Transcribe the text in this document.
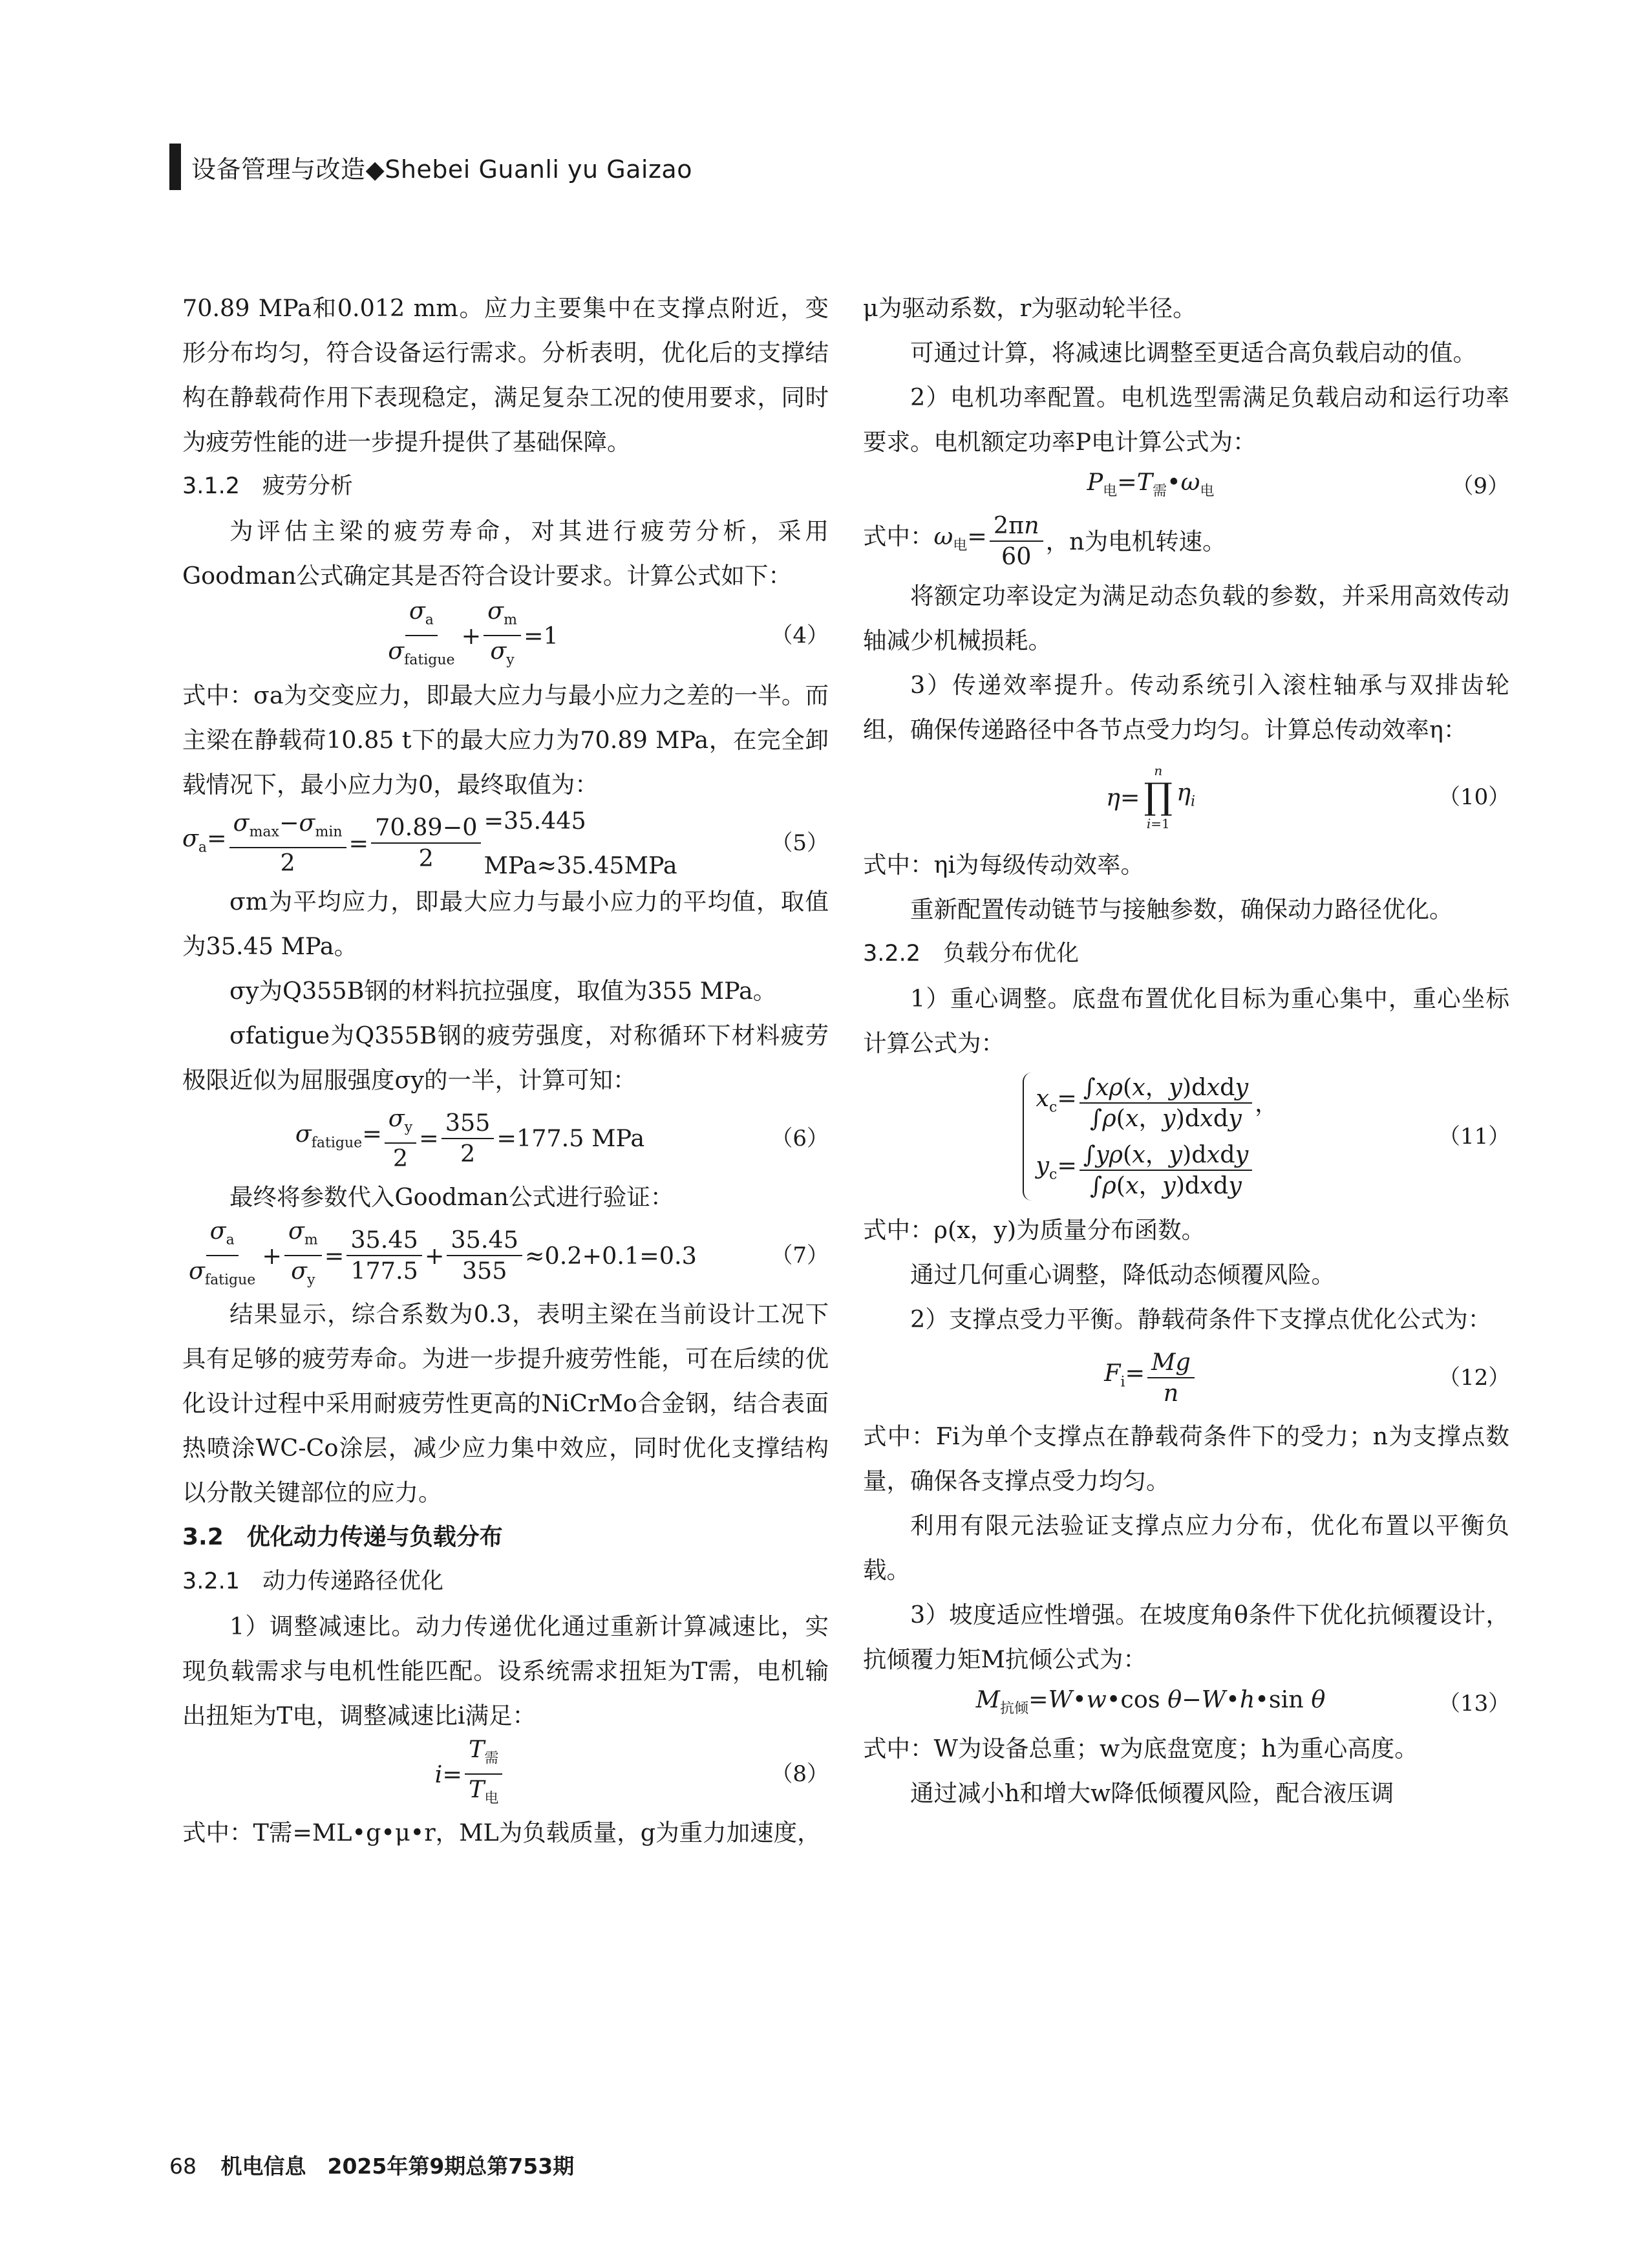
设备管理与改造◆Shebei Guanli yu Gaizao
70.89 MPa和0.012 mm。应力主要集中在支撑点附近，变形分布均匀，符合设备运行需求。分析表明，优化后的支撑结构在静载荷作用下表现稳定，满足复杂工况的使用要求，同时为疲劳性能的进一步提升提供了基础保障。
3.1.2　疲劳分析
为评估主梁的疲劳寿命，对其进行疲劳分析，采用Goodman公式确定其是否符合设计要求。计算公式如下：
$\frac{\sigma_a}{\sigma_{fatigue}} + \frac{\sigma_m}{\sigma_y} =1$	（4）
式中：σa为交变应力，即最大应力与最小应力之差的一半。而主梁在静载荷10.85 t下的最大应力为70.89 MPa，在完全卸载情况下，最小应力为0，最终取值为：
$\sigma_a= \frac{\sigma_{max}-\sigma_{min}}{2} = \frac{70.89-0}{2} =35.445$ MPa≈35.45MPa
（5）
σm为平均应力，即最大应力与最小应力的平均值，取值为35.45 MPa。
σy为Q355B钢的材料抗拉强度，取值为355 MPa。
σfatigue为Q355B钢的疲劳强度，对称循环下材料疲劳极限近似为屈服强度σy的一半，计算可知：
$\sigma_{fatigue}= \frac{\sigma_y}{2} = \frac{355}{2} =177.5$ MPa	（6）
最终将参数代入Goodman公式进行验证：
$\frac{\sigma_a}{\sigma_{fatigue}} + \frac{\sigma_m}{\sigma_y} = \frac{35.45}{177.5} + \frac{35.45}{355} \approx 0.2+0.1=0.3$	（7）
结果显示，综合系数为0.3，表明主梁在当前设计工况下具有足够的疲劳寿命。为进一步提升疲劳性能，可在后续的优化设计过程中采用耐疲劳性更高的NiCrMo合金钢，结合表面热喷涂WC-Co涂层，减少应力集中效应，同时优化支撑结构以分散关键部位的应力。
3.2　优化动力传递与负载分布
3.2.1　动力传递路径优化
1）调整减速比。动力传递优化通过重新计算减速比，实现负载需求与电机性能匹配。设系统需求扭矩为T需，电机输出扭矩为T电，调整减速比i满足：
$i= \frac{T_需}{T_电}$	（8）
式中：T需=ML•g•μ•r，ML为负载质量，g为重力加速度，
μ为驱动系数，r为驱动轮半径。
可通过计算，将减速比调整至更适合高负载启动的值。
2）电机功率配置。电机选型需满足负载启动和运行功率要求。电机额定功率P电计算公式为：
$P_电=T_需•\omega_电$	（9）
式中：$\omega_电= \frac{2\pi n}{60}$ ，n为电机转速。
将额定功率设定为满足动态负载的参数，并采用高效传动轴减少机械损耗。
3）传递效率提升。传动系统引入滚柱轴承与双排齿轮组，确保传递路径中各节点受力均匀。计算总传动效率η：
η=
n
∏
i=1
$\eta_i$	（10）
式中：ηi为每级传动效率。
重新配置传动链节与接触参数，确保动力路径优化。
3.2.2　负载分布优化
1）重心调整。底盘布置优化目标为重心集中，重心坐标计算公式为：
$x_c= \frac{\text{∫xρ(x，y)dxdy}}{\text{∫ρ(x，y)dxdy}}$ ，
$y_c= \frac{\text{∫yρ(x，y)dxdy}}{\text{∫ρ(x，y)dxdy}}$
（11）
式中：ρ(x，y)为质量分布函数。
通过几何重心调整，降低动态倾覆风险。
2）支撑点受力平衡。静载荷条件下支撑点优化公式为：
$F_i= \frac{Mg}{n}$	（12）
式中：Fi为单个支撑点在静载荷条件下的受力；n为支撑点数量，确保各支撑点受力均匀。
利用有限元法验证支撑点应力分布，优化布置以平衡负载。
3）坡度适应性增强。在坡度角θ条件下优化抗倾覆设计，抗倾覆力矩M抗倾公式为：
$M_{抗倾}=W•w•\cos$ θ−W•h•sin θ	（13）
式中：W为设备总重；w为底盘宽度；h为重心高度。
通过减小h和增大w降低倾覆风险，配合液压调
68 机电信息　2025年第9期总第753期
